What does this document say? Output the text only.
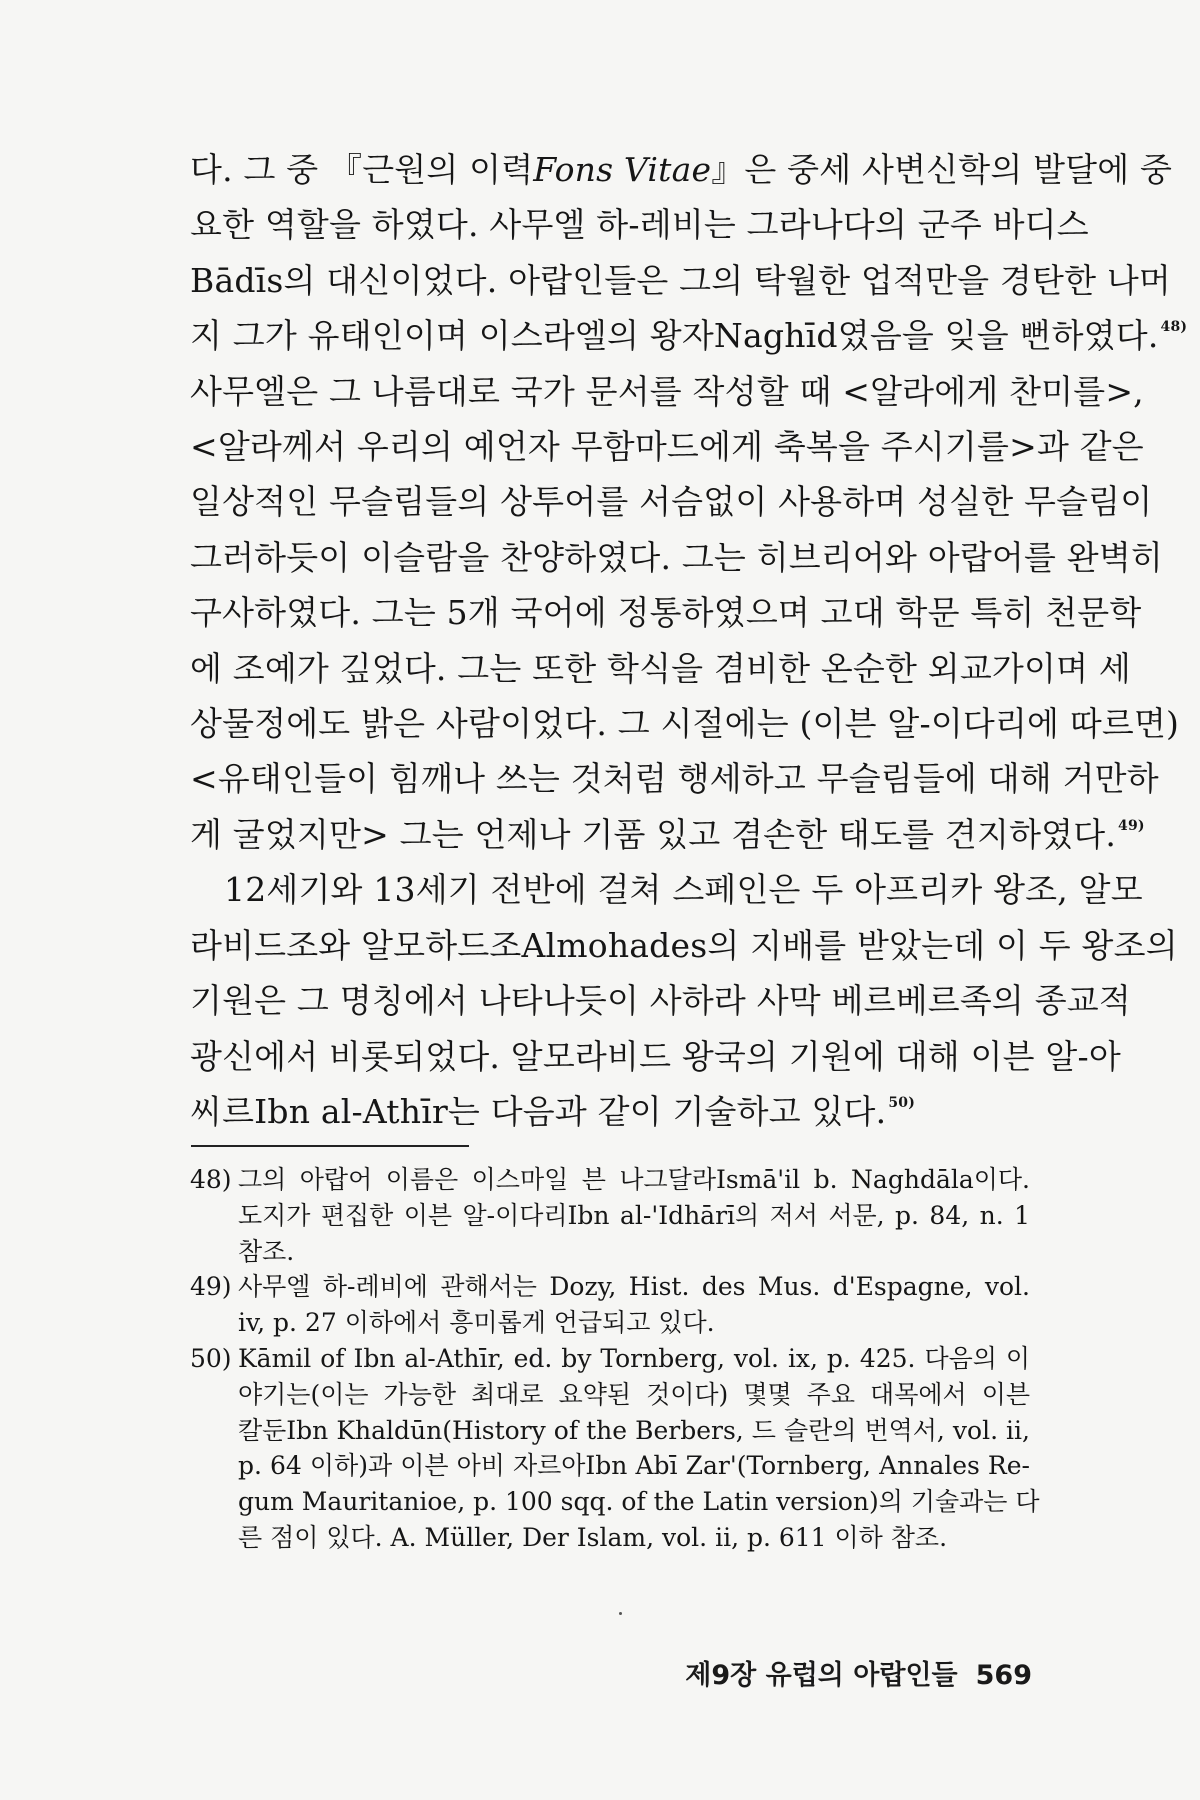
다. 그 중 『근원의 이력Fons Vitae』은 중세 사변신학의 발달에 중
요한 역할을 하였다. 사무엘 하-레비는 그라나다의 군주 바디스
Bādīs의 대신이었다. 아랍인들은 그의 탁월한 업적만을 경탄한 나머
지 그가 유태인이며 이스라엘의 왕자Naghīd였음을 잊을 뻔하였다. $^{48)}$
사무엘은 그 나름대로 국가 문서를 작성할 때 <알라에게 찬미를>,
<알라께서 우리의 예언자 무함마드에게 축복을 주시기를>과 같은
일상적인 무슬림들의 상투어를 서슴없이 사용하며 성실한 무슬림이
그러하듯이 이슬람을 찬양하였다. 그는 히브리어와 아랍어를 완벽히
구사하였다. 그는 5개 국어에 정통하였으며 고대 학문 특히 천문학
에 조예가 깊었다. 그는 또한 학식을 겸비한 온순한 외교가이며 세
상물정에도 밝은 사람이었다. 그 시절에는 (이븐 알-이다리에 따르면)
<유태인들이 힘깨나 쓰는 것처럼 행세하고 무슬림들에 대해 거만하
게 굴었지만> 그는 언제나 기품 있고 겸손한 태도를 견지하였다. $^{49)}$
12세기와 13세기 전반에 걸쳐 스페인은 두 아프리카 왕조, 알모
라비드조와 알모하드조Almohades의 지배를 받았는데 이 두 왕조의
기원은 그 명칭에서 나타나듯이 사하라 사막 베르베르족의 종교적
광신에서 비롯되었다. 알모라비드 왕국의 기원에 대해 이븐 알-아
씨르Ibn al-Athīr는 다음과 같이 기술하고 있다. $^{50)}$
48) 그의 아랍어 이름은 이스마일 븐 나그달라Ismā'il b. Naghdāla이다.
도지가 편집한 이븐 알-이다리Ibn al-'Idhārī의 저서 서문, p. 84, n. 1
참조.
49) 사무엘 하-레비에 관해서는 Dozy, Hist. des Mus. d'Espagne, vol.
iv, p. 27 이하에서 흥미롭게 언급되고 있다.
50) Kāmil of Ibn al-Athīr, ed. by Tornberg, vol. ix, p. 425. 다음의 이
야기는(이는 가능한 최대로 요약된 것이다) 몇몇 주요 대목에서 이븐
칼둔Ibn Khaldūn(History of the Berbers, 드 슬란의 번역서, vol. ii,
p. 64 이하)과 이븐 아비 자르아Ibn Abī Zar'(Tornberg, Annales Re-
gum Mauritanioe, p. 100 sqq. of the Latin version)의 기술과는 다
른 점이 있다. A. Müller, Der Islam, vol. ii, p. 611 이하 참조.
제9장 유럽의 아랍인들 569
